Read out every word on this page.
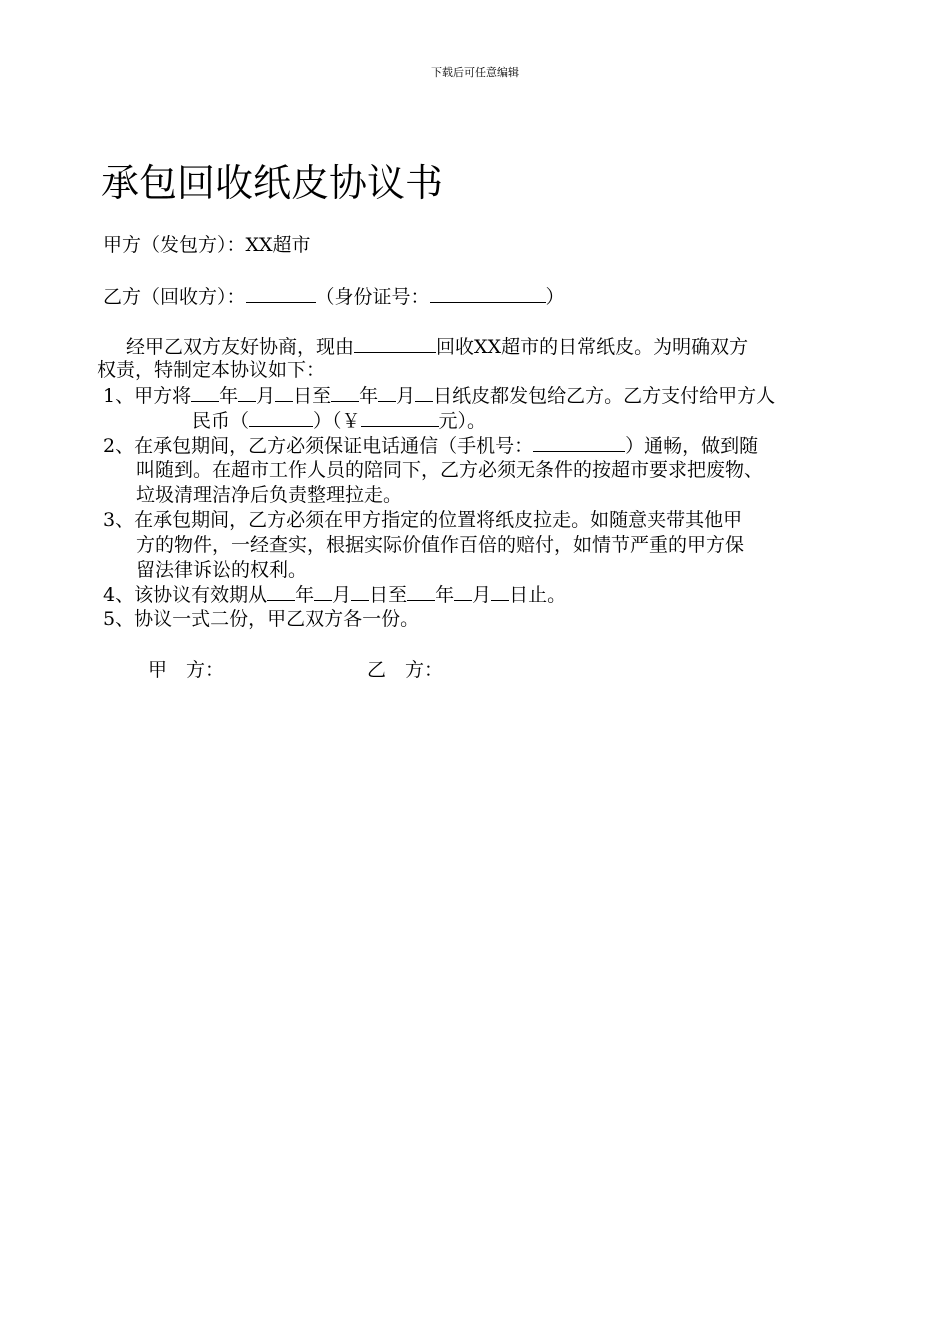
下载后可任意编辑
承包回收纸皮协议书
甲方（发包方）：XX超市
乙方（回收方）：	（身份证号：	）
经甲乙双方友好协商，现由	回收XX超市的日常纸皮。为明确双方
权责，特制定本协议如下：
1、甲方将 年 月 日至 年 月 日纸皮都发包给乙方。乙方支付给甲方人
民币（	）（￥	元）。
2、在承包期间，乙方必须保证电话通信（手机号：	）通畅，做到随
叫随到。在超市工作人员的陪同下，乙方必须无条件的按超市要求把废物、
垃圾清理洁净后负责整理拉走。
3、在承包期间，乙方必须在甲方指定的位置将纸皮拉走。如随意夹带其他甲
方的物件，一经查实，根据实际价值作百倍的赔付，如情节严重的甲方保
留法律诉讼的权利。
4、该协议有效期从 年 月 日至 年 月 日止。
5、协议一式二份，甲乙双方各一份。
甲　方：	乙　方：
